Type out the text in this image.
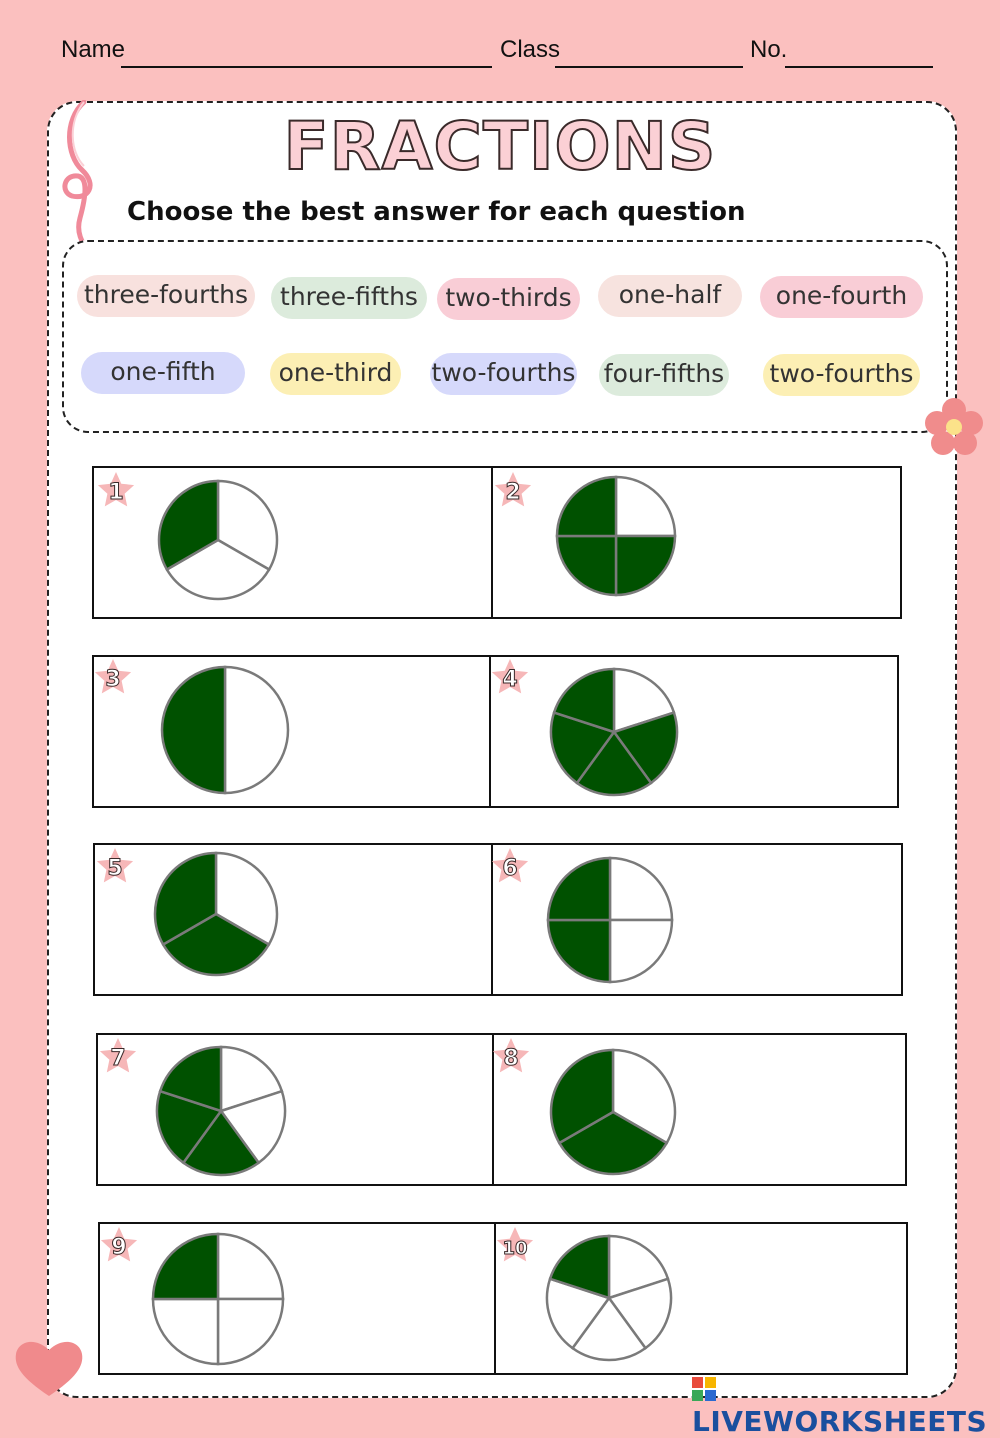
Name	Class	No.
FRACTIONS
Choose the best answer for each question
three-fourths	three-fifths	two-thirds	one-half	one-fourth
one-fifth	one-third	two-fourths four-fifths two-fourths
1	2
3	4
5	6
7	8
9	10
LIVEWORKSHEETS
